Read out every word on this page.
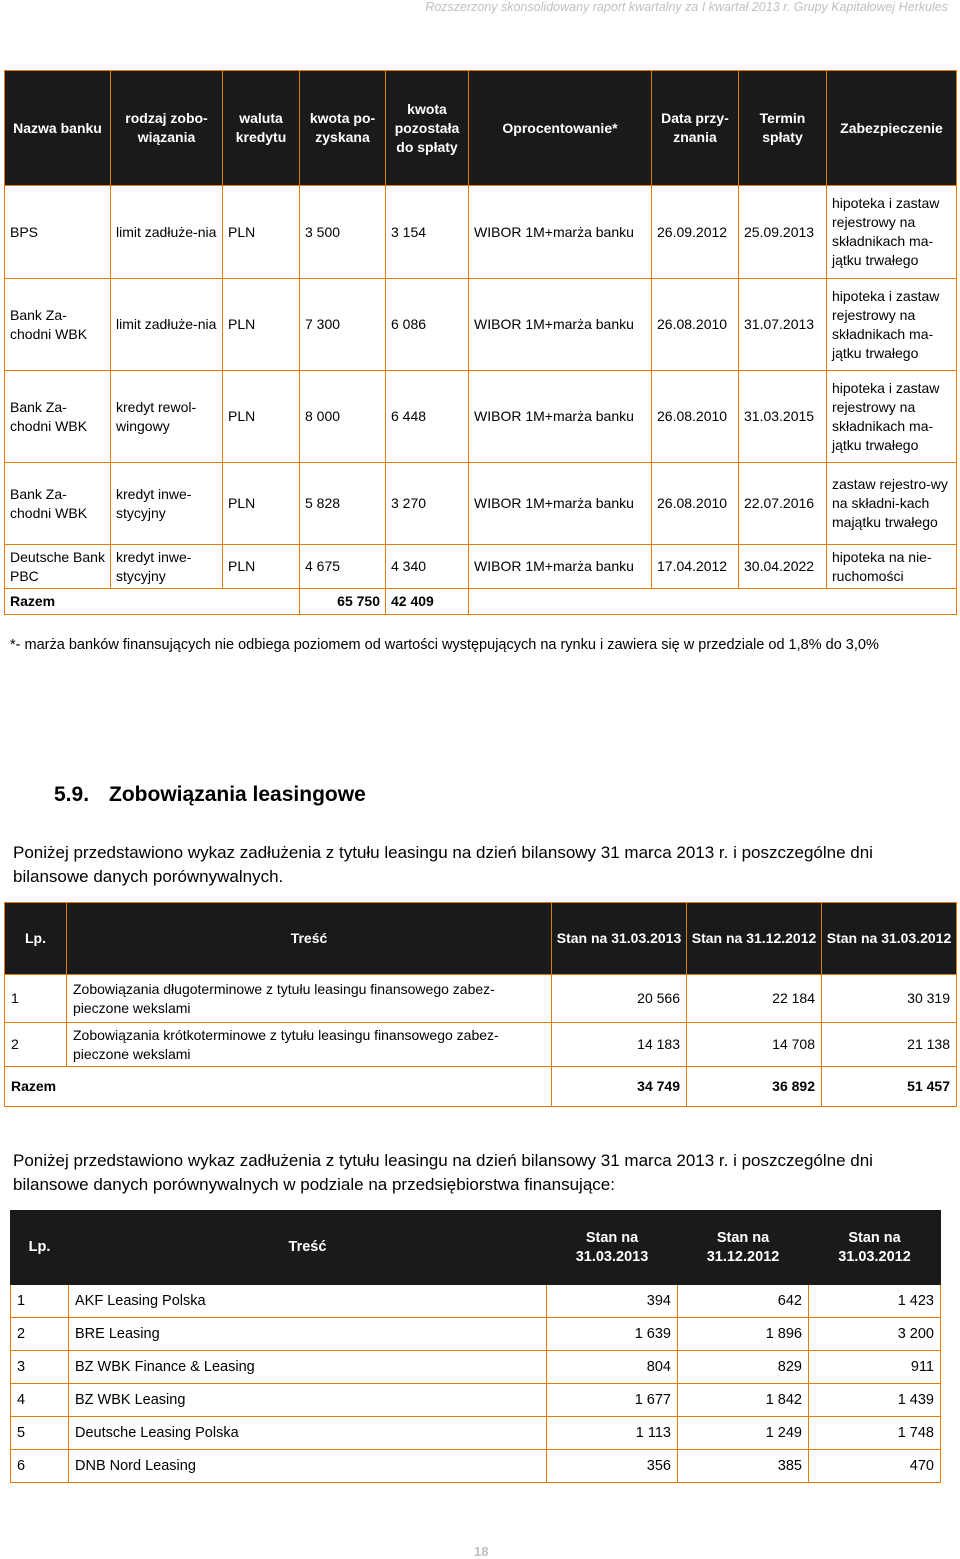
Rozszerzony skonsolidowany raport kwartalny za I kwartał 2013 r. Grupy Kapitałowej Herkules
Nazwa banku	rodzaj zobo-wiązania	waluta kredytu	kwota po-zyskana	kwota pozostała do spłaty	Oprocentowanie*	Data przy-znania	Termin spłaty	Zabezpieczenie
BPS	limit zadłuże-nia	PLN	3 500	3 154	WIBOR 1M+marża banku	26.09.2012	25.09.2013	hipoteka i zastaw rejestrowy na składnikach ma-jątku trwałego
Bank Za-chodni WBK	limit zadłuże-nia	PLN	7 300	6 086	WIBOR 1M+marża banku	26.08.2010	31.07.2013	hipoteka i zastaw rejestrowy na składnikach ma-jątku trwałego
Bank Za-chodni WBK	kredyt rewol-wingowy	PLN	8 000	6 448	WIBOR 1M+marża banku	26.08.2010	31.03.2015	hipoteka i zastaw rejestrowy na składnikach ma-jątku trwałego
Bank Za-chodni WBK	kredyt inwe-stycyjny	PLN	5 828	3 270	WIBOR 1M+marża banku	26.08.2010	22.07.2016	zastaw rejestro-wy na składni-kach majątku trwałego
Deutsche Bank PBC	kredyt inwe-stycyjny	PLN	4 675	4 340	WIBOR 1M+marża banku	17.04.2012	30.04.2022	hipoteka na nie-ruchomości
Razem			65 750	42 409				
*- marża banków finansujących nie odbiega poziomem od wartości występujących na rynku i zawiera się w przedziale od 1,8% do 3,0%
5.9. Zobowiązania leasingowe
Poniżej przedstawiono wykaz zadłużenia z tytułu leasingu na dzień bilansowy 31 marca 2013 r. i poszczególne dni bilansowe danych porównywalnych.
Lp.	Treść	Stan na 31.03.2013	Stan na 31.12.2012	Stan na 31.03.2012
1	Zobowiązania długoterminowe z tytułu leasingu finansowego zabez-pieczone wekslami	20 566	22 184	30 319
2	Zobowiązania krótkoterminowe z tytułu leasingu finansowego zabez-pieczone wekslami	14 183	14 708	21 138
Razem		34 749	36 892	51 457
Poniżej przedstawiono wykaz zadłużenia z tytułu leasingu na dzień bilansowy 31 marca 2013 r. i poszczególne dni bilansowe danych porównywalnych w podziale na przedsiębiorstwa finansujące:
Lp.	Treść	Stan na 31.03.2013	Stan na 31.12.2012	Stan na 31.03.2012
1	AKF Leasing Polska	394	642	1 423
2	BRE Leasing	1 639	1 896	3 200
3	BZ WBK Finance & Leasing	804	829	911
4	BZ WBK Leasing	1 677	1 842	1 439
5	Deutsche Leasing Polska	1 113	1 249	1 748
6	DNB Nord Leasing	356	385	470
18
